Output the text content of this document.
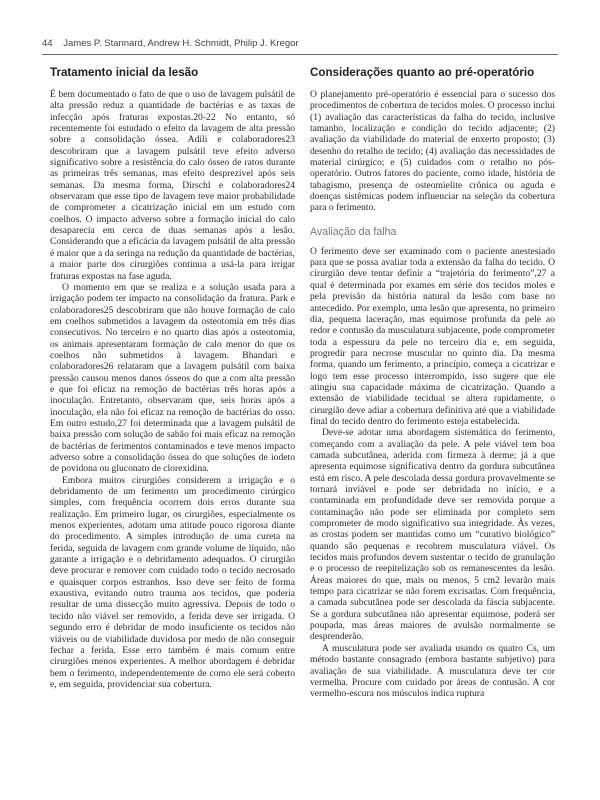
44 James P. Stannard, Andrew H. Schmidt, Philip J. Kregor
Tratamento inicial da lesão

É bem documentado o fato de que o uso de lavagem pulsátil de alta pressão reduz a quantidade de bactérias e as taxas de infecção após fraturas expostas.20-22 No entanto, só recentemente foi estudado o efeito da lavagem de alta pressão sobre a consolidação óssea. Adili e colaboradores23 descobriram que a lavagem pulsátil teve efeito adverso significativo sobre a resistência do calo ósseo de ratos durante as primeiras três semanas, mas efeito desprezível após seis semanas. Da mesma forma, Dirschl e colaboradores24 observaram que esse tipo de lavagem teve maior probabilidade de comprometer a cicatrização inicial em um estudo com coelhos. O impacto adverso sobre a formação inicial do calo desaparecia em cerca de duas semanas após a lesão. Considerando que a eficácia da lavagem pulsátil de alta pressão é maior que a da seringa na redução da quantidade de bactérias, a maior parte dos cirurgiões continua a usá-la para irrigar fraturas expostas na fase aguda.

O momento em que se realiza e a solução usada para a irrigação podem ter impacto na consolidação da fratura. Park e colaboradores25 descobriram que não houve formação de calo em coelhos submetidos a lavagem da osteotomia em três dias consecutivos. No terceiro e no quarto dias após a osteotomia, os animais apresentaram formação de calo menor do que os coelhos não submetidos à lavagem. Bhandari e colaboradores26 relataram que a lavagem pulsátil com baixa pressão causou menos danos ósseos do que a com alta pressão e que foi eficaz na remoção de bactérias três horas após a inoculação. Entretanto, observaram que, seis horas após a inoculação, ela não foi eficaz na remoção de bactérias do osso. Em outro estudo,27 foi determinada que a lavagem pulsátil de baixa pressão com solução de sabão foi mais eficaz na remoção de bactérias de ferimentos contaminados e teve menos impacto adverso sobre a consolidação óssea do que soluções de iodeto de povidona ou gluconato de clorexidina.

Embora muitos cirurgiões considerem a irrigação e o debridamento de um ferimento um procedimento cirúrgico simples, com frequência ocorrem dois erros durante sua realização. Em primeiro lugar, os cirurgiões, especialmente os menos experientes, adotam uma atitude pouco rigorosa diante do procedimento. A simples introdução de uma cureta na ferida, seguida de lavagem com grande volume de líquido, não garante a irrigação e o debridamento adequados. O cirurgião deve procurar e remover com cuidado todo o tecido necrosado e quaisquer corpos estranhos. Isso deve ser feito de forma exaustiva, evitando outro trauma aos tecidos, que poderia resultar de uma dissecção muito agressiva. Depois de todo o tecido não viável ser removido, a ferida deve ser irrigada. O segundo erro é debridar de modo insuficiente os tecidos não viáveis ou de viabilidade duvidosa por medo de não conseguir fechar a ferida. Esse erro também é mais comum entre cirurgiões menos experientes. A melhor abordagem é debridar bem o ferimento, independentemente de como ele será coberto e, em seguida, providenciar sua cobertura.

Considerações quanto ao pré-operatório

O planejamento pré-operatório é essencial para o sucesso dos procedimentos de cobertura de tecidos moles. O processo inclui (1) avaliação das características da falha do tecido, inclusive tamanho, localização e condição do tecido adjacente; (2) avaliação da viabilidade do material de enxerto proposto; (3) desenho do retalho de tecido; (4) avaliação das necessidades de material cirúrgico; e (5) cuidados com o retalho no pós-operatório. Outros fatores do paciente, como idade, história de tabagismo, presença de osteomielite crônica ou aguda e doenças sistêmicas podem influenciar na seleção da cobertura para o ferimento.

Avaliação da falha

O ferimento deve ser examinado com o paciente anestesiado para que se possa avaliar toda a extensão da falha do tecido. O cirurgião deve tentar definir a “trajetória do ferimento”,27 a qual é determinada por exames em série dos tecidos moles e pela previsão da história natural da lesão com base no antecedido. Por exemplo, uma lesão que apresenta, no primeiro dia, pequena laceração, mas equimose profunda da pele ao redor e contusão da musculatura subjacente, pode comprometer toda a espessura da pele no terceiro dia e, em seguida, progredir para necrose muscular no quinto dia. Da mesma forma, quando um ferimento, a princípio, começa a cicatrizar e logo tem esse processo interrompido, isso sugere que ele atingiu sua capacidade máxima de cicatrização. Quando a extensão de viabilidade tecidual se altera rapidamente, o cirurgião deve adiar a cobertura definitiva até que a viabilidade final do tecido dentro do ferimento esteja estabelecida.

Deve-se adotar uma abordagem sistemática do ferimento, começando com a avaliação da pele. A pele viável tem boa camada subcutânea, aderida com firmeza à derme; já a que apresenta equimose significativa dentro da gordura subcutânea está em risco. A pele descolada dessa gordura provavelmente se tornará inviável e pode ser debridada no início, e a contaminada em profundidade deve ser removida porque a contaminação não pode ser eliminada por completo sem comprometer de modo significativo sua integridade. Às vezes, as crostas podem ser mantidas como um “curativo biológico” quando são pequenas e recobrem musculatura viável. Os tecidos mais profundos devem sustentar o tecido de granulação e o processo de reepitelização sob os remanescentes da lesão. Áreas maiores do que, mais ou menos, 5 cm2 levarão mais tempo para cicatrizar se não forem excisadas. Com frequência, a camada subcutânea pode ser descolada da fáscia subjacente. Se a gordura subcutânea não apresentar equimose, poderá ser poupada, mas áreas maiores de avulsão normalmente se desprenderão.

A musculatura pode ser avaliada usando os quatro Cs, um método bastante consagrado (embora bastante subjetivo) para avaliação de sua viabilidade. A musculatura deve ter cor vermelha. Procure com cuidado por áreas de contusão. A cor vermelho-escura nos músculos indica ruptura
